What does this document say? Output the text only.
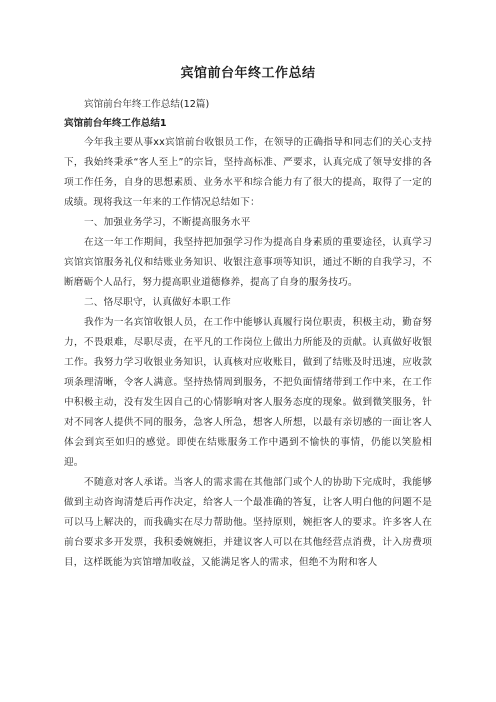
宾馆前台年终工作总结

宾馆前台年终工作总结(12篇)

宾馆前台年终工作总结1

今年我主要从事xx宾馆前台收银员工作，在领导的正确指导和同志们的关心支持下，我始终秉承“客人至上”的宗旨，坚持高标准、严要求，认真完成了领导安排的各项工作任务，自身的思想素质、业务水平和综合能力有了很大的提高，取得了一定的成绩。现将我这一年来的工作情况总结如下：

一、加强业务学习，不断提高服务水平

在这一年工作期间，我坚持把加强学习作为提高自身素质的重要途径，认真学习宾馆宾馆服务礼仪和结账业务知识、收银注意事项等知识，通过不断的自我学习，不断磨砺个人品行，努力提高职业道德修养，提高了自身的服务技巧。

二、恪尽职守，认真做好本职工作

我作为一名宾馆收银人员，在工作中能够认真履行岗位职责，积极主动，勤奋努力，不畏艰难，尽职尽责，在平凡的工作岗位上做出力所能及的贡献。认真做好收银工作。我努力学习收银业务知识，认真核对应收账目，做到了结账及时迅速，应收款项条理清晰，令客人满意。坚持热情周到服务，不把负面情绪带到工作中来，在工作中积极主动，没有发生因自己的心情影响对客人服务态度的现象。做到微笑服务，针对不同客人提供不同的服务，急客人所急，想客人所想，以最有亲切感的一面让客人体会到宾至如归的感觉。即使在结账服务工作中遇到不愉快的事情，仍能以笑脸相迎。

不随意对客人承诺。当客人的需求需在其他部门或个人的协助下完成时，我能够做到主动咨询清楚后再作决定，给客人一个最准确的答复，让客人明白他的问题不是可以马上解决的，而我确实在尽力帮助他。坚持原则，婉拒客人的要求。许多客人在前台要求多开发票，我积委婉婉拒，并建议客人可以在其他经营点消费，计入房费项目，这样既能为宾馆增加收益，又能满足客人的需求，但绝不为附和客人
